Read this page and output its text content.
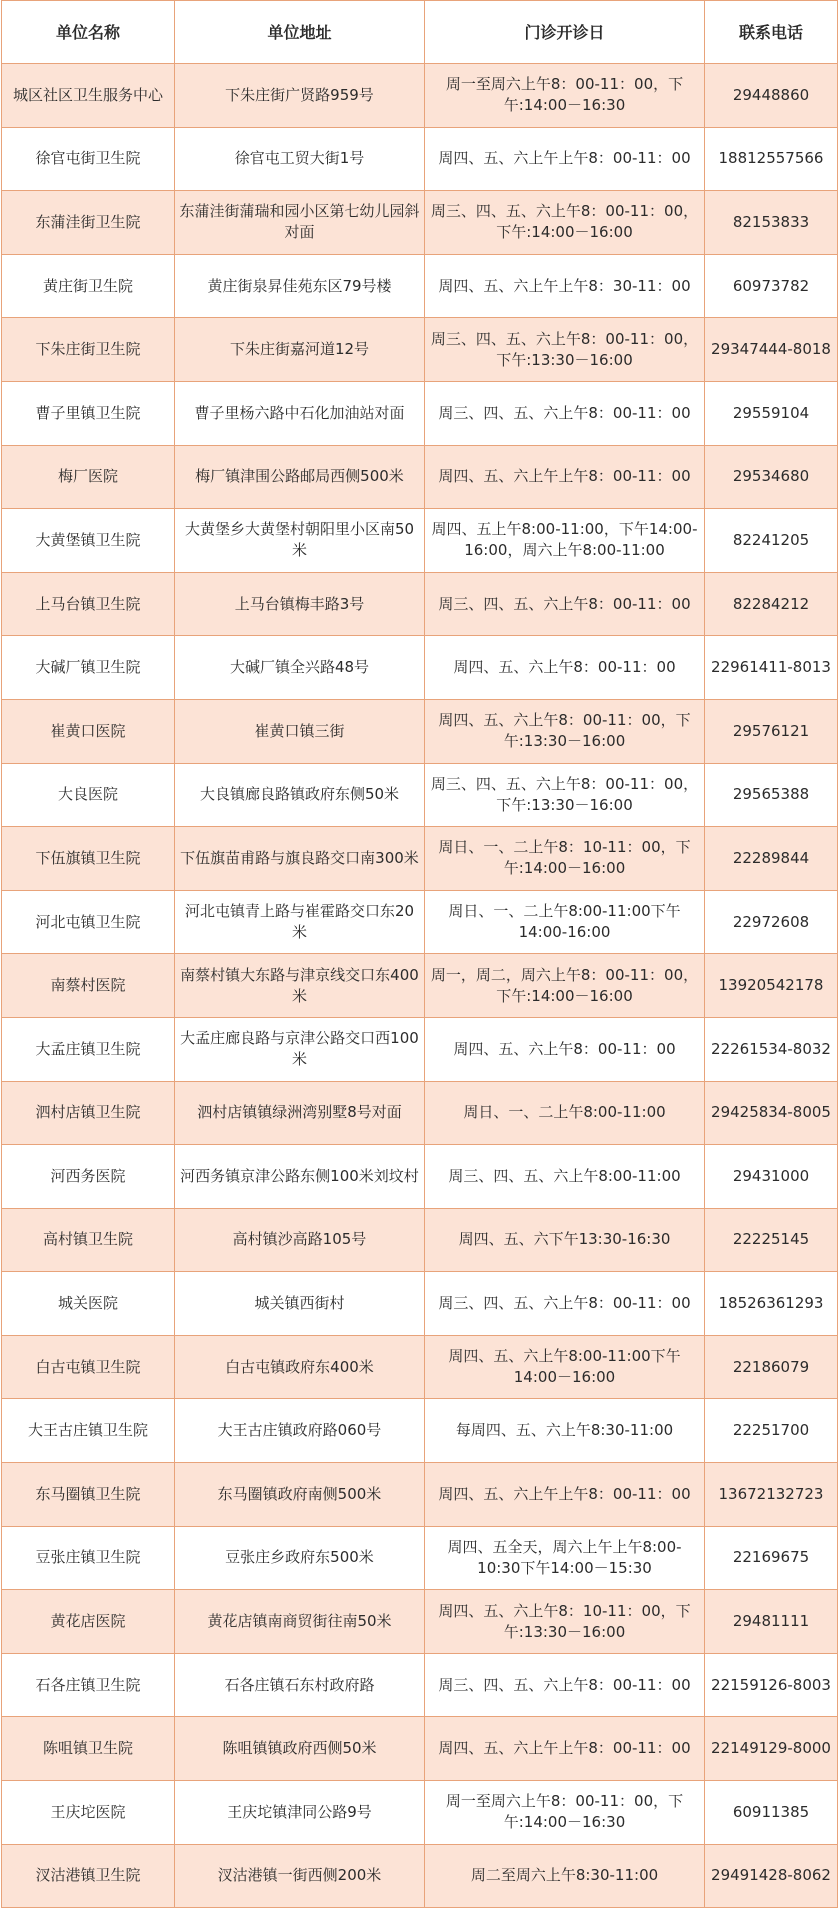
单位名称	单位地址	门诊开诊日	联系电话
城区社区卫生服务中心	下朱庄街广贤路959号	周一至周六上午8：00-11：00，下午:14:00－16:30	29448860
徐官屯街卫生院	徐官屯工贸大街1号	周四、五、六上午上午8：00-11：00	18812557566
东蒲洼街卫生院	东蒲洼街蒲瑞和园小区第七幼儿园斜对面	周三、四、五、六上午8：00-11：00，下午:14:00－16:00	82153833
黄庄街卫生院	黄庄街泉昇佳苑东区79号楼	周四、五、六上午上午8：30-11：00	60973782
下朱庄街卫生院	下朱庄街嘉河道12号	周三、四、五、六上午8：00-11：00，下午:13:30－16:00	29347444-8018
曹子里镇卫生院	曹子里杨六路中石化加油站对面	周三、四、五、六上午8：00-11：00	29559104
梅厂医院	梅厂镇津围公路邮局西侧500米	周四、五、六上午上午8：00-11：00	29534680
大黄堡镇卫生院	大黄堡乡大黄堡村朝阳里小区南50米	周四、五上午8:00-11:00，下午14:00-16:00，周六上午8:00-11:00	82241205
上马台镇卫生院	上马台镇梅丰路3号	周三、四、五、六上午8：00-11：00	82284212
大碱厂镇卫生院	大碱厂镇全兴路48号	周四、五、六上午8：00-11：00	22961411-8013
崔黄口医院	崔黄口镇三街	周四、五、六上午8：00-11：00，下午:13:30－16:00	29576121
大良医院	大良镇廊良路镇政府东侧50米	周三、四、五、六上午8：00-11：00，下午:13:30－16:00	29565388
下伍旗镇卫生院	下伍旗苗甫路与旗良路交口南300米	周日、一、二上午8：10-11：00，下午:14:00－16:00	22289844
河北屯镇卫生院	河北屯镇青上路与崔霍路交口东20米	周日、一、二上午8:00-11:00下午14:00-16:00	22972608
南蔡村医院	南蔡村镇大东路与津京线交口东400米	周一，周二，周六上午8：00-11：00，下午:14:00－16:00	13920542178
大孟庄镇卫生院	大孟庄廊良路与京津公路交口西100米	周四、五、六上午8：00-11：00	22261534-8032
泗村店镇卫生院	泗村店镇镇绿洲湾别墅8号对面	周日、一、二上午8:00-11:00	29425834-8005
河西务医院	河西务镇京津公路东侧100米刘坟村	周三、四、五、六上午8:00-11:00	29431000
高村镇卫生院	高村镇沙高路105号	周四、五、六下午13:30-16:30	22225145
城关医院	城关镇西街村	周三、四、五、六上午8：00-11：00	18526361293
白古屯镇卫生院	白古屯镇政府东400米	周四、五、六上午8:00-11:00下午14:00－16:00	22186079
大王古庄镇卫生院	大王古庄镇政府路060号	每周四、五、六上午8:30-11:00	22251700
东马圈镇卫生院	东马圈镇政府南侧500米	周四、五、六上午上午8：00-11：00	13672132723
豆张庄镇卫生院	豆张庄乡政府东500米	周四、五全天，周六上午上午8:00-10:30下午14:00－15:30	22169675
黄花店医院	黄花店镇南商贸街往南50米	周四、五、六上午8：10-11：00，下午:13:30－16:00	29481111
石各庄镇卫生院	石各庄镇石东村政府路	周三、四、五、六上午8：00-11：00	22159126-8003
陈咀镇卫生院	陈咀镇镇政府西侧50米	周四、五、六上午上午8：00-11：00	22149129-8000
王庆坨医院	王庆坨镇津同公路9号	周一至周六上午8：00-11：00，下午:14:00－16:30	60911385
汊沽港镇卫生院	汊沽港镇一街西侧200米	周二至周六上午8:30-11:00	29491428-8062
